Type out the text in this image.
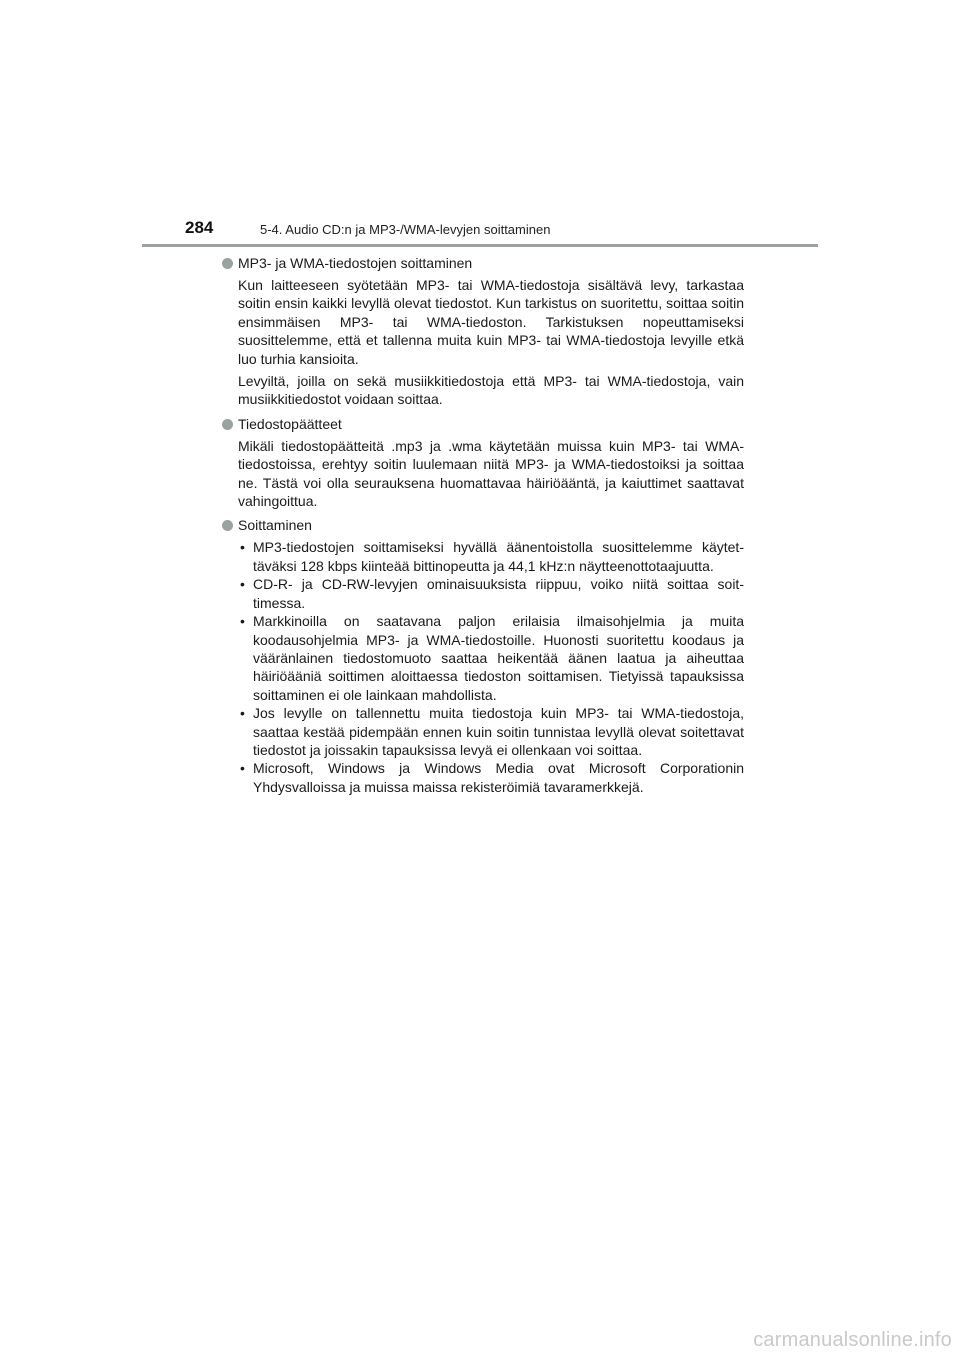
284	5-4. Audio CD:n ja MP3-/WMA-levyjen soittaminen
MP3- ja WMA-tiedostojen soittaminen

Kun laitteeseen syötetään MP3- tai WMA-tiedostoja sisältävä levy, tarkastaa soitin ensin kaikki levyllä olevat tiedostot. Kun tarkistus on suoritettu, soittaa soitin ensimmäisen MP3- tai WMA-tiedoston. Tarkistuksen nopeuttamiseksi suosittelemme, että et tallenna muita kuin MP3- tai WMA-tiedostoja levyille etkä luo turhia kansioita.

Levyiltä, joilla on sekä musiikkitiedostoja että MP3- tai WMA-tiedostoja, vain musiikkitiedostot voidaan soittaa.

Tiedostopäätteet

Mikäli tiedostopäätteitä .mp3 ja .wma käytetään muissa kuin MP3- tai WMA-tiedostoissa, erehtyy soitin luulemaan niitä MP3- ja WMA-tiedostoiksi ja soittaa ne. Tästä voi olla seurauksena huomattavaa häiriöääntä, ja kaiuttimet saattavat vahingoittua.

Soittaminen
• MP3-tiedostojen soittamiseksi hyvällä äänentoistolla suosittelemme käytettäväksi 128 kbps kiinteää bittinopeutta ja 44,1 kHz:n näytteenottotaajuutta.
• CD-R- ja CD-RW-levyjen ominaisuuksista riippuu, voiko niitä soittaa soittimessa.
• Markkinoilla on saatavana paljon erilaisia ilmaisohjelmia ja muita koodausohjelmia MP3- ja WMA-tiedostoille. Huonosti suoritettu koodaus ja vääränlainen tiedostomuoto saattaa heikentää äänen laatua ja aiheuttaa häiriöääniä soittimen aloittaessa tiedoston soittamisen. Tietyissä tapauksissa soittaminen ei ole lainkaan mahdollista.
• Jos levylle on tallennettu muita tiedostoja kuin MP3- tai WMA-tiedostoja, saattaa kestää pidempään ennen kuin soitin tunnistaa levyllä olevat soitettavat tiedostot ja joissakin tapauksissa levyä ei ollenkaan voi soittaa.
• Microsoft, Windows ja Windows Media ovat Microsoft Corporationin Yhdysvalloissa ja muissa maissa rekisteröimiä tavaramerkkejä.
carmanualsonline.info
